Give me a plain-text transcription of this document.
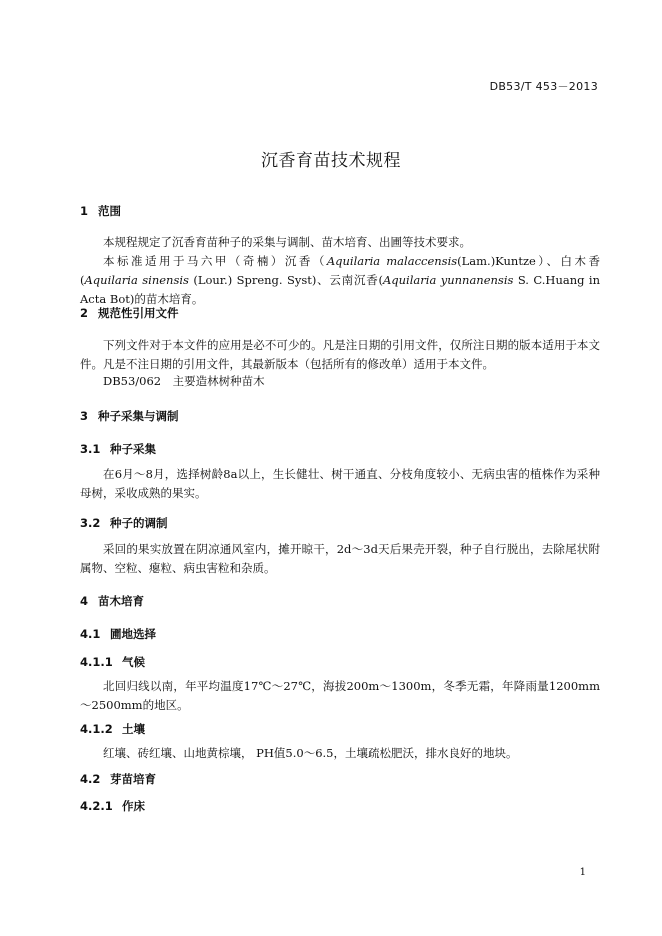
DB53/T 453－2013
沉香育苗技术规程
1 范围
本规程规定了沉香育苗种子的采集与调制、苗木培育、出圃等技术要求。
本标准适用于马六甲（奇楠）沉香（Aquilaria malaccensis(Lam.)Kuntze）、白木香(Aquilaria sinensis (Lour.) Spreng. Syst)、云南沉香(Aquilaria yunnanensis S. C.Huang in Acta Bot)的苗木培育。
2 规范性引用文件
下列文件对于本文件的应用是必不可少的。凡是注日期的引用文件，仅所注日期的版本适用于本文件。凡是不注日期的引用文件，其最新版本（包括所有的修改单）适用于本文件。
DB53/062　主要造林树种苗木
3 种子采集与调制
3.1 种子采集
在6月～8月，选择树龄8a以上，生长健壮、树干通直、分枝角度较小、无病虫害的植株作为采种母树，采收成熟的果实。
3.2 种子的调制
采回的果实放置在阴凉通风室内，摊开晾干，2d～3d天后果壳开裂，种子自行脱出，去除尾状附属物、空粒、瘪粒、病虫害粒和杂质。
4 苗木培育
4.1 圃地选择
4.1.1 气候
北回归线以南，年平均温度17℃～27℃，海拔200m～1300m，冬季无霜，年降雨量1200mm～2500mm的地区。
4.1.2 土壤
红壤、砖红壤、山地黄棕壤， PH值5.0～6.5，土壤疏松肥沃，排水良好的地块。
4.2 芽苗培育
4.2.1 作床
1
